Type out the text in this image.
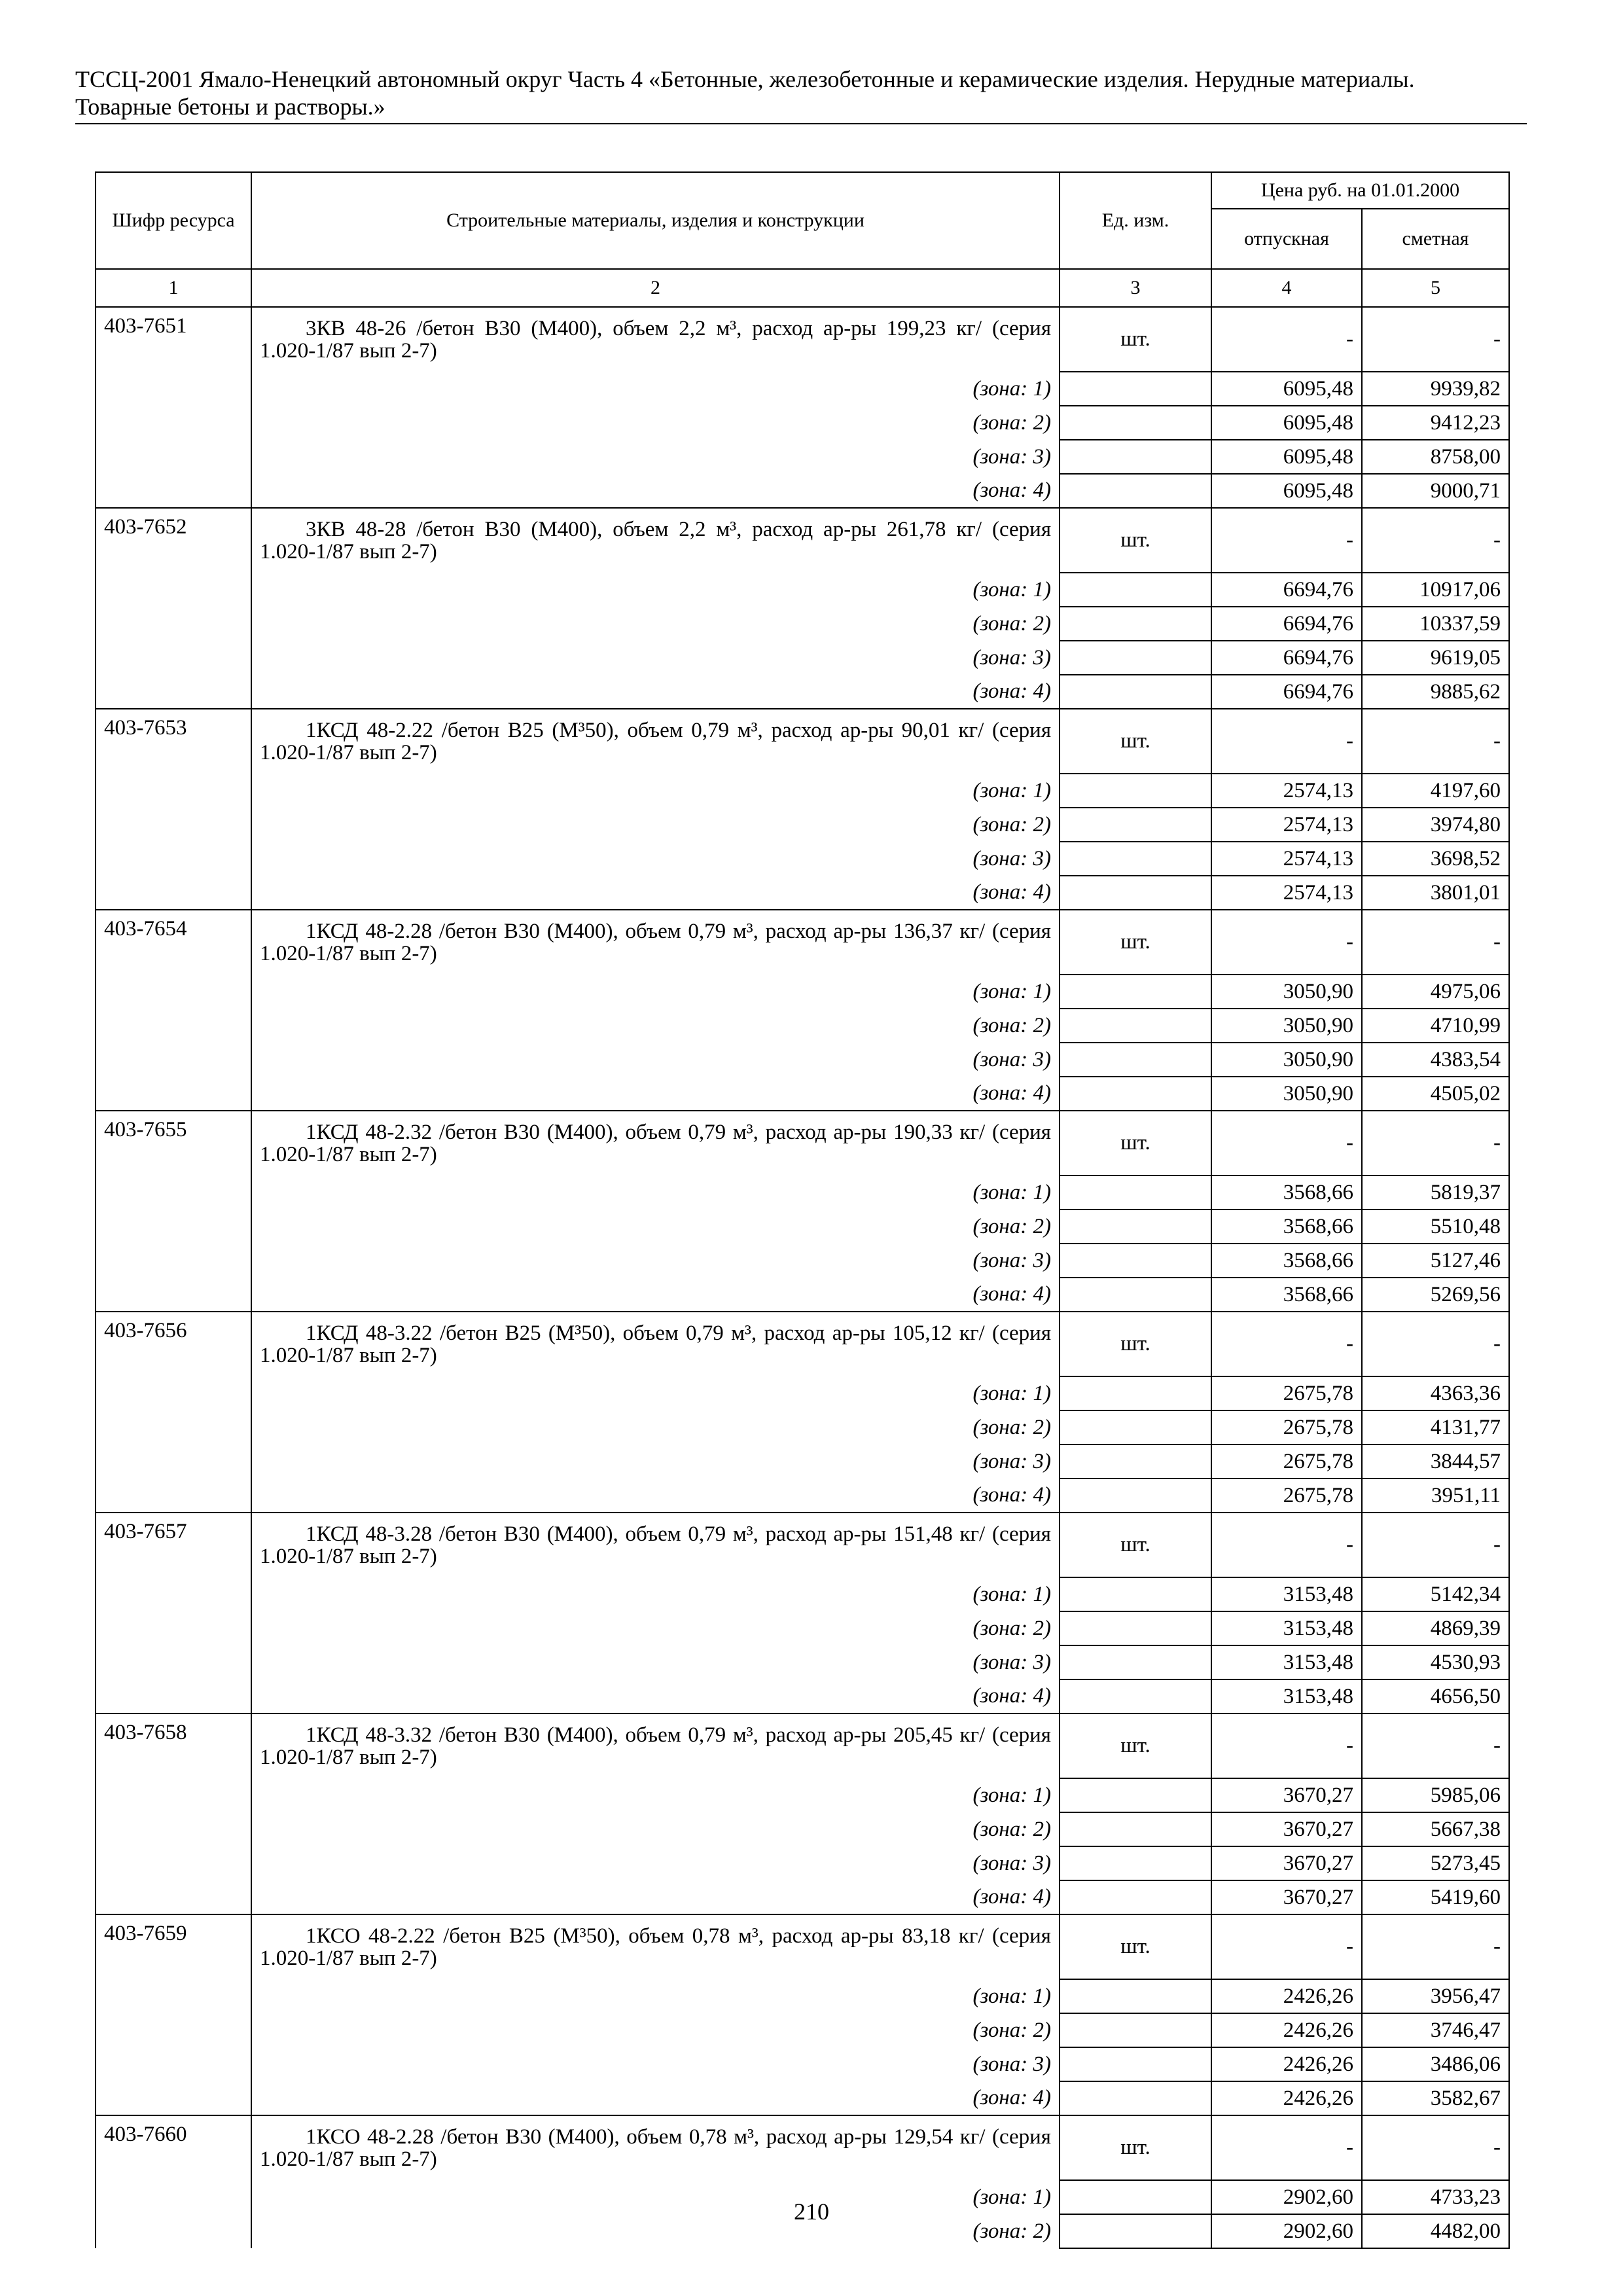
ТССЦ-2001 Ямало-Ненецкий автономный округ Часть 4 «Бетонные, железобетонные и керамические изделия. Нерудные материалы.
Товарные бетоны и растворы.»
Шифр ресурса	Строительные материалы, изделия и конструкции	Ед. изм.	Цена руб. на 01.01.2000	
			отпускная	сметная
1	2	3	4	5
403-7651	3КВ 48-26 /бетон В30 (М400), объем 2,2 м³, расход ар-ры 199,23 кг/ (серия 1.020-1/87 вып 2-7)	шт.	-	-
	(зона: 1)		6095,48	9939,82
	(зона: 2)		6095,48	9412,23
	(зона: 3)		6095,48	8758,00
	(зона: 4)		6095,48	9000,71
403-7652	3КВ 48-28 /бетон В30 (М400), объем 2,2 м³, расход ар-ры 261,78 кг/ (серия 1.020-1/87 вып 2-7)	шт.	-	-
	(зона: 1)		6694,76	10917,06
	(зона: 2)		6694,76	10337,59
	(зона: 3)		6694,76	9619,05
	(зона: 4)		6694,76	9885,62
403-7653	1КСД 48-2.22 /бетон В25 (М³50), объем 0,79 м³, расход ар-ры 90,01 кг/ (серия 1.020-1/87 вып 2-7)	шт.	-	-
	(зона: 1)		2574,13	4197,60
	(зона: 2)		2574,13	3974,80
	(зона: 3)		2574,13	3698,52
	(зона: 4)		2574,13	3801,01
403-7654	1КСД 48-2.28 /бетон В30 (М400), объем 0,79 м³, расход ар-ры 136,37 кг/ (серия 1.020-1/87 вып 2-7)	шт.	-	-
	(зона: 1)		3050,90	4975,06
	(зона: 2)		3050,90	4710,99
	(зона: 3)		3050,90	4383,54
	(зона: 4)		3050,90	4505,02
403-7655	1КСД 48-2.32 /бетон В30 (М400), объем 0,79 м³, расход ар-ры 190,33 кг/ (серия 1.020-1/87 вып 2-7)	шт.	-	-
	(зона: 1)		3568,66	5819,37
	(зона: 2)		3568,66	5510,48
	(зона: 3)		3568,66	5127,46
	(зона: 4)		3568,66	5269,56
403-7656	1КСД 48-3.22 /бетон В25 (М³50), объем 0,79 м³, расход ар-ры 105,12 кг/ (серия 1.020-1/87 вып 2-7)	шт.	-	-
	(зона: 1)		2675,78	4363,36
	(зона: 2)		2675,78	4131,77
	(зона: 3)		2675,78	3844,57
	(зона: 4)		2675,78	3951,11
403-7657	1КСД 48-3.28 /бетон В30 (М400), объем 0,79 м³, расход ар-ры 151,48 кг/ (серия 1.020-1/87 вып 2-7)	шт.	-	-
	(зона: 1)		3153,48	5142,34
	(зона: 2)		3153,48	4869,39
	(зона: 3)		3153,48	4530,93
	(зона: 4)		3153,48	4656,50
403-7658	1КСД 48-3.32 /бетон В30 (М400), объем 0,79 м³, расход ар-ры 205,45 кг/ (серия 1.020-1/87 вып 2-7)	шт.	-	-
	(зона: 1)		3670,27	5985,06
	(зона: 2)		3670,27	5667,38
	(зона: 3)		3670,27	5273,45
	(зона: 4)		3670,27	5419,60
403-7659	1КСО 48-2.22 /бетон В25 (М³50), объем 0,78 м³, расход ар-ры 83,18 кг/ (серия 1.020-1/87 вып 2-7)	шт.	-	-
	(зона: 1)		2426,26	3956,47
	(зона: 2)		2426,26	3746,47
	(зона: 3)		2426,26	3486,06
	(зона: 4)		2426,26	3582,67
403-7660	1КСО 48-2.28 /бетон В30 (М400), объем 0,78 м³, расход ар-ры 129,54 кг/ (серия 1.020-1/87 вып 2-7)	шт.	-	-
	(зона: 1)		2902,60	4733,23
	(зона: 2)		2902,60	4482,00
210
